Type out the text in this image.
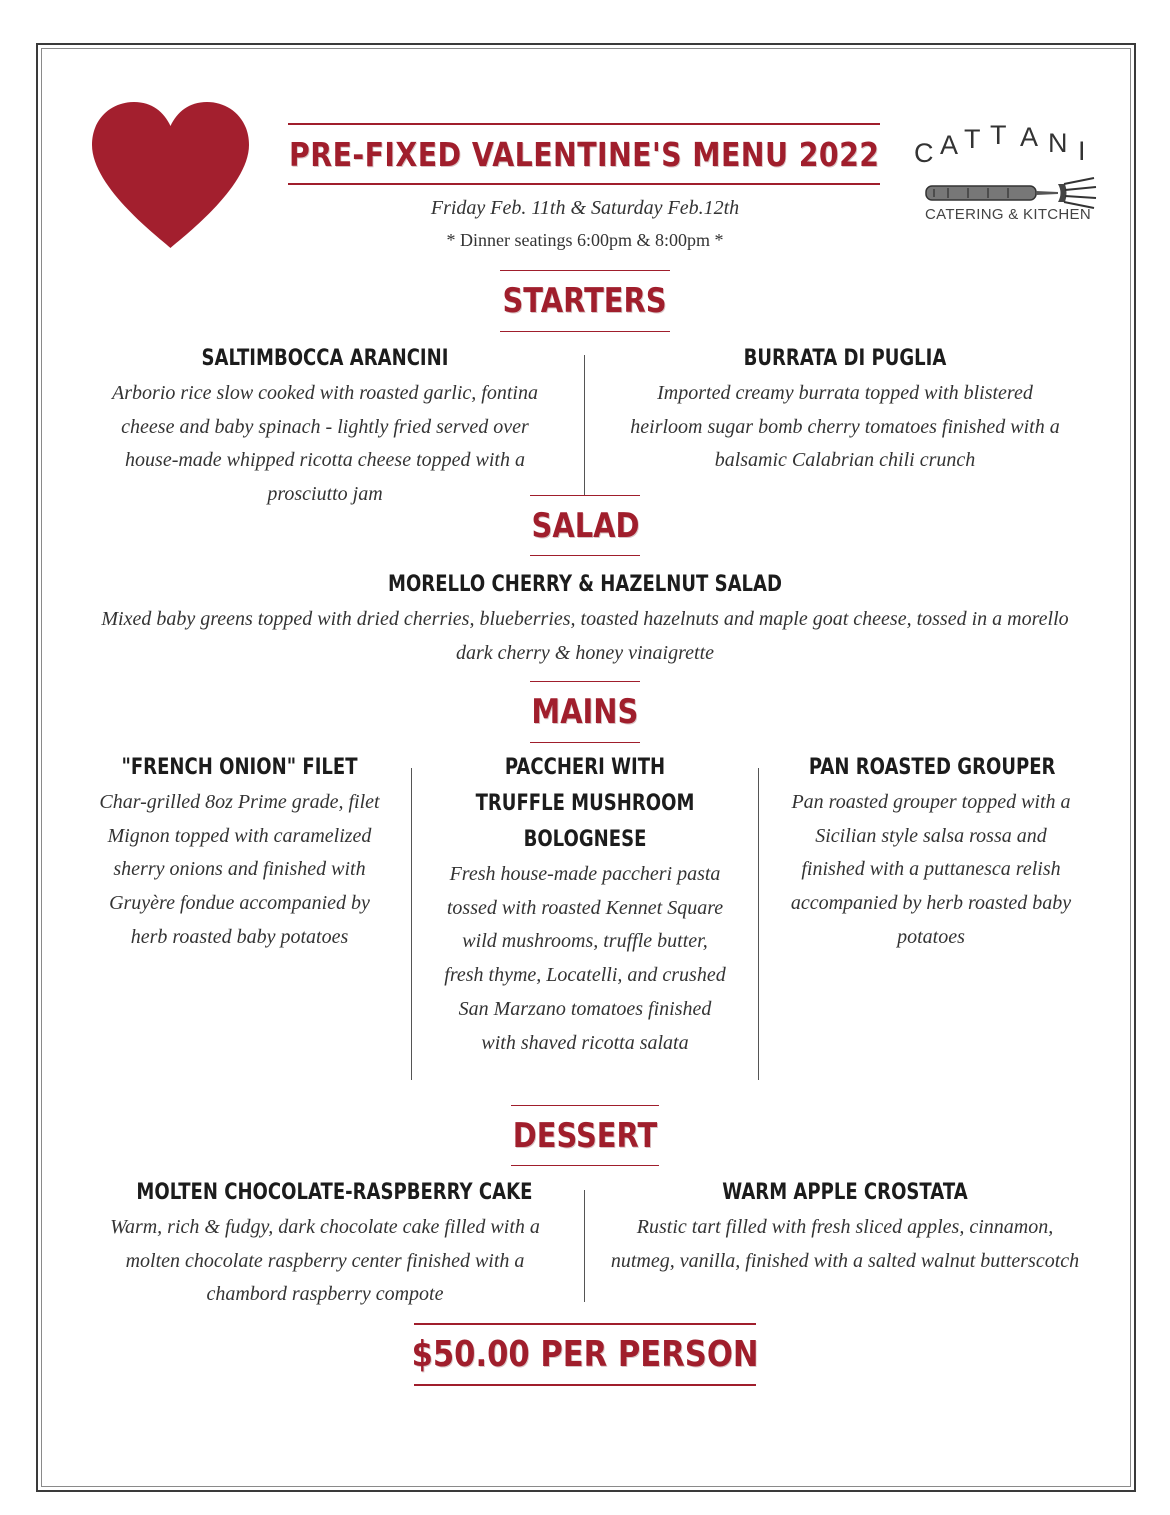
PRE-FIXED VALENTINE'S MENU 2022 C A T T A N I
CATERING & KITCHEN
Friday Feb. 11th & Saturday Feb.12th
* Dinner seatings 6:00pm & 8:00pm *
STARTERS
SALTIMBOCCA ARANCINI
Arborio rice slow cooked with roasted garlic, fontina cheese and baby spinach - lightly fried served over house-made whipped ricotta cheese topped with a prosciutto jam
BURRATA DI PUGLIA
Imported creamy burrata topped with blistered heirloom sugar bomb cherry tomatoes finished with a balsamic Calabrian chili crunch
SALAD
MORELLO CHERRY & HAZELNUT SALAD
Mixed baby greens topped with dried cherries, blueberries, toasted hazelnuts and maple goat cheese, tossed in a morello dark cherry & honey vinaigrette
MAINS
"FRENCH ONION" FILET
Char-grilled 8oz Prime grade, filet Mignon topped with caramelized sherry onions and finished with Gruyère fondue accompanied by herb roasted baby potatoes
PACCHERI WITH TRUFFLE MUSHROOM BOLOGNESE
Fresh house-made paccheri pasta tossed with roasted Kennet Square wild mushrooms, truffle butter, fresh thyme, Locatelli, and crushed San Marzano tomatoes finished with shaved ricotta salata
PAN ROASTED GROUPER
Pan roasted grouper topped with a Sicilian style salsa rossa and finished with a puttanesca relish accompanied by herb roasted baby potatoes
DESSERT
MOLTEN CHOCOLATE-RASPBERRY CAKE
Warm, rich & fudgy, dark chocolate cake filled with a molten chocolate raspberry center finished with a chambord raspberry compote
WARM APPLE CROSTATA
Rustic tart filled with fresh sliced apples, cinnamon, nutmeg, vanilla, finished with a salted walnut butterscotch
$50.00 PER PERSON
